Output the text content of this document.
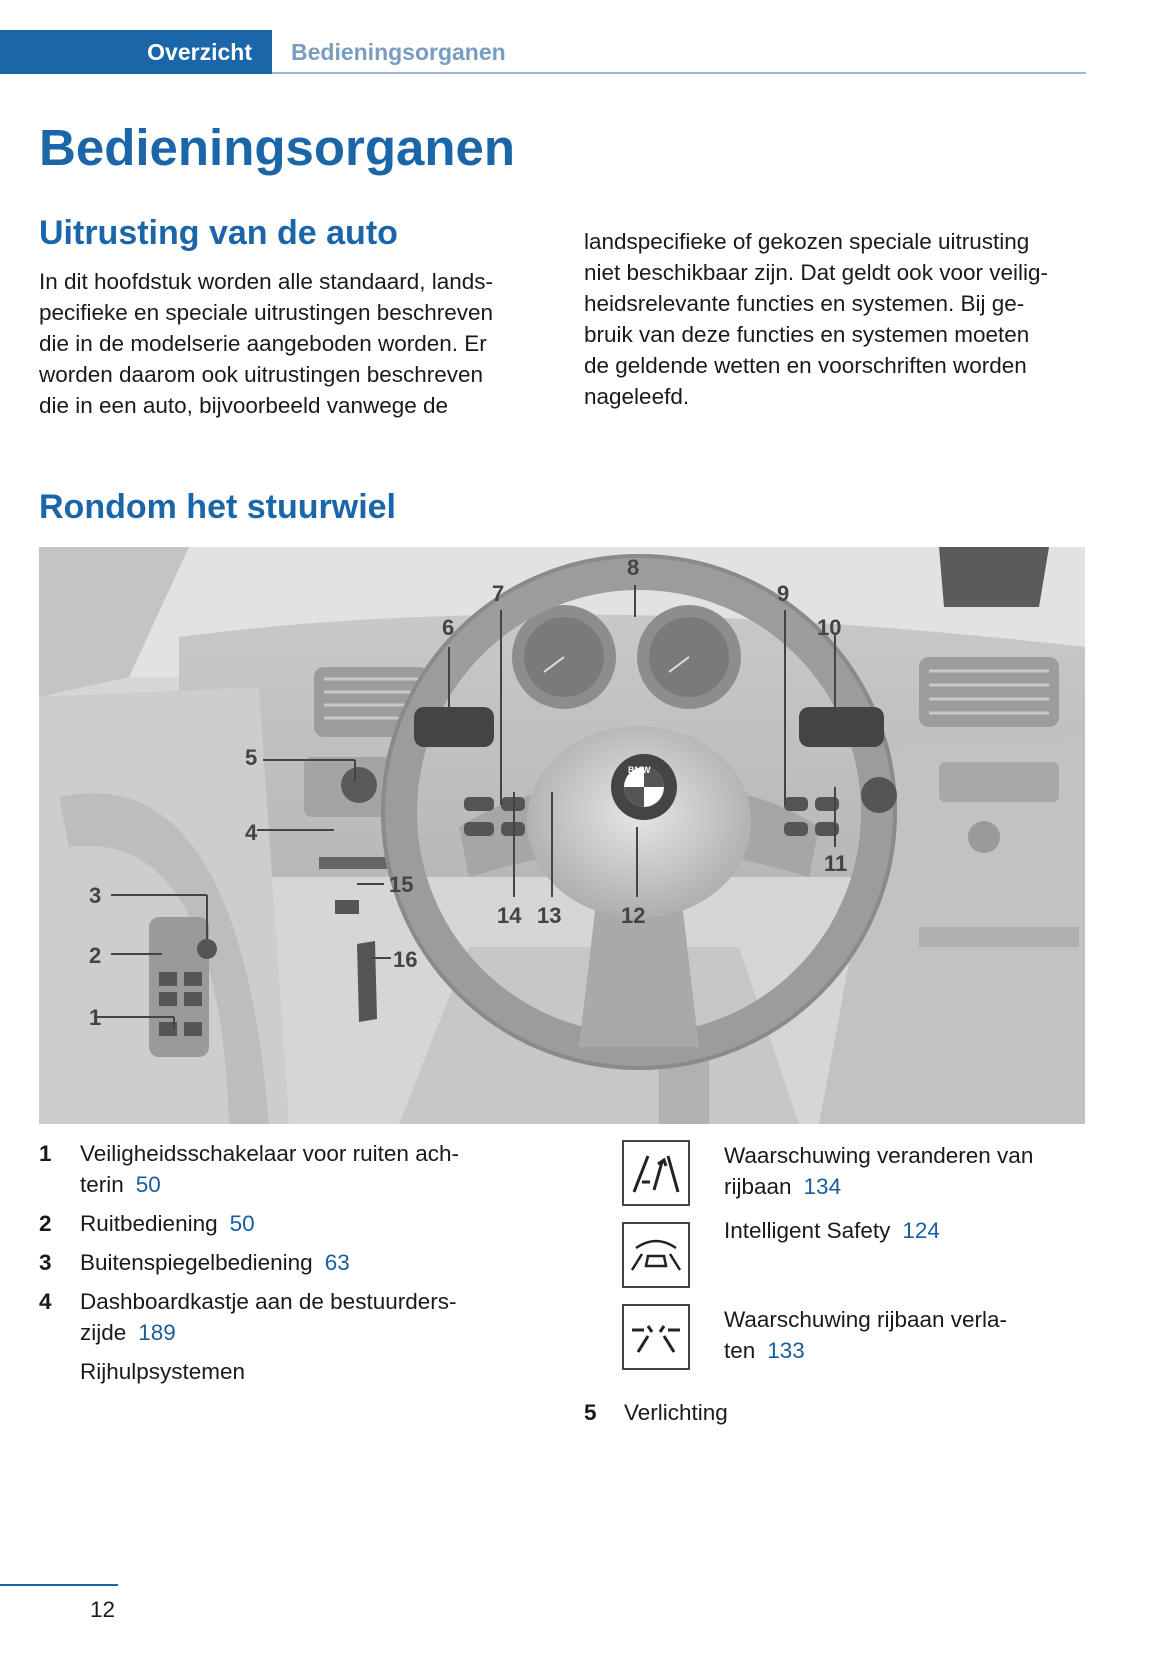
Overzicht	Bedieningsorganen
Bedieningsorganen
Uitrusting van de auto
In dit hoofdstuk worden alle standaard, lands-
pecifieke en speciale uitrustingen beschreven
die in de modelserie aangeboden worden. Er
worden daarom ook uitrustingen beschreven
die in een auto, bijvoorbeeld vanwege de
landspecifieke of gekozen speciale uitrusting
niet beschikbaar zijn. Dat geldt ook voor veilig-
heidsrelevante functies en systemen. Bij ge-
bruik van deze functies en systemen moeten
de geldende wetten en voorschriften worden
nageleefd.
Rondom het stuurwiel
1
2
3
4
5
6
7
8
9
10
11
12
13
14
15
16
BMW
1 Veiligheidsschakelaar voor ruiten ach-
terin 50
2 Ruitbediening 50
3 Buitenspiegelbediening 63
4 Dashboardkastje aan de bestuurders-
zijde 189
Rijhulpsystemen
Waarschuwing veranderen van
rijbaan 134
Intelligent Safety 124
Waarschuwing rijbaan verla-
ten 133
5 Verlichting
12
